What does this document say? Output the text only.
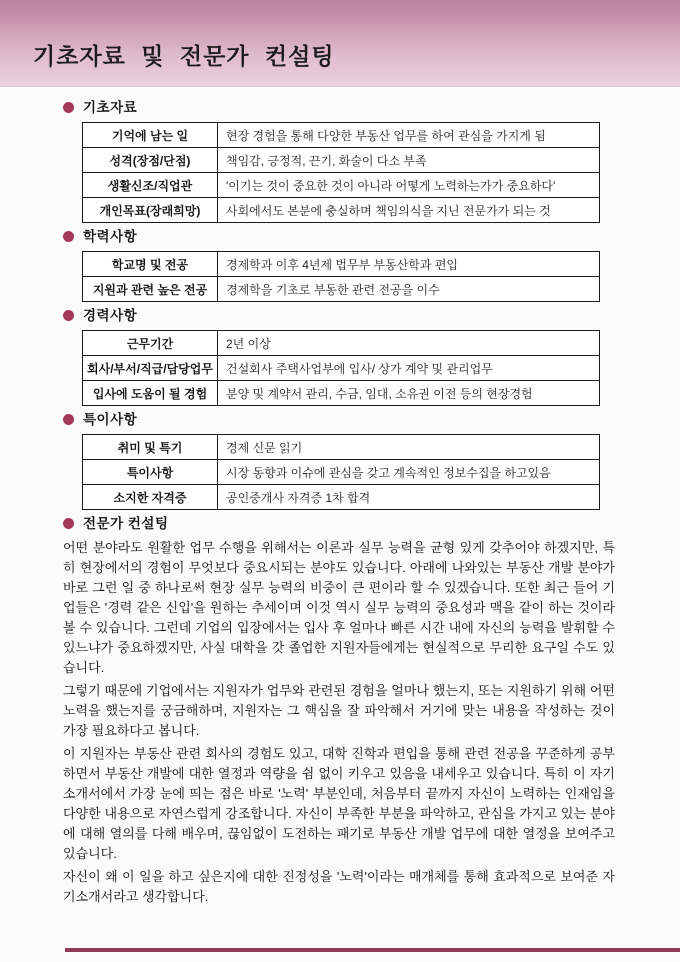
기초자료 및 전문가 컨설팅
기초자료
기억에 남는 일	현장 경험을 통해 다양한 부동산 업무를 하여 관심을 가지게 됨
성격(장점/단점)	책임감, 긍정적, 끈기, 화술이 다소 부족
생활신조/직업관	'이기는 것이 중요한 것이 아니라 어떻게 노력하는가가 중요하다'
개인목표(장래희망)	사회에서도 본분에 충실하며 책임의식을 지닌 전문가가 되는 것
학력사항
학교명 및 전공	경제학과 이후 4년제 법무부 부동산학과 편입
지원과 관련 높은 전공	경제학을 기초로 부동한 관련 전공을 이수
경력사항
근무기간	2년 이상
회사/부서/직급/담당업무	건설회사 주택사업부에 입사/ 상가 계약 및 관리업무
입사에 도움이 될 경험	분양 및 계약서 관리, 수금, 임대, 소유권 이전 등의 현장경험
특이사항
취미 및 특기	경제 신문 읽기
특이사항	시장 동향과 이슈에 관심을 갖고 계속적인 정보수집을 하고있음
소지한 자격증	공인중개사 자격증 1차 합격
전문가 컨설팅

어떤 분야라도 원활한 업무 수행을 위해서는 이론과 실무 능력을 균형 있게 갖추어야 하겠지만, 특히 현장에서의 경험이 무엇보다 중요시되는 분야도 있습니다. 아래에 나와있는 부동산 개발 분야가 바로 그런 일 중 하나로써 현장 실무 능력의 비중이 큰 편이라 할 수 있겠습니다. 또한 최근 들어 기업들은 '경력 같은 신입'을 원하는 추세이며 이것 역시 실무 능력의 중요성과 맥을 같이 하는 것이라 볼 수 있습니다. 그런데 기업의 입장에서는 입사 후 얼마나 빠른 시간 내에 자신의 능력을 발휘할 수 있느냐가 중요하겠지만, 사실 대학을 갓 졸업한 지원자들에게는 현실적으로 무리한 요구일 수도 있습니다.

그렇기 때문에 기업에서는 지원자가 업무와 관련된 경험을 얼마나 했는지, 또는 지원하기 위해 어떤 노력을 했는지를 궁금해하며, 지원자는 그 핵심을 잘 파악해서 거기에 맞는 내용을 작성하는 것이 가장 필요하다고 봅니다.

이 지원자는 부동산 관련 회사의 경험도 있고, 대학 진학과 편입을 통해 관련 전공을 꾸준하게 공부하면서 부동산 개발에 대한 열정과 역량을 쉼 없이 키우고 있음을 내세우고 있습니다. 특히 이 자기소개서에서 가장 눈에 띄는 점은 바로 '노력' 부분인데, 처음부터 끝까지 자신이 노력하는 인재임을 다양한 내용으로 자연스럽게 강조합니다. 자신이 부족한 부분을 파악하고, 관심을 가지고 있는 분야에 대해 열의를 다해 배우며, 끊임없이 도전하는 패기로 부동산 개발 업무에 대한 열정을 보여주고 있습니다.

자신이 왜 이 일을 하고 싶은지에 대한 진정성을 '노력'이라는 매개체를 통해 효과적으로 보여준 자기소개서라고 생각합니다.
